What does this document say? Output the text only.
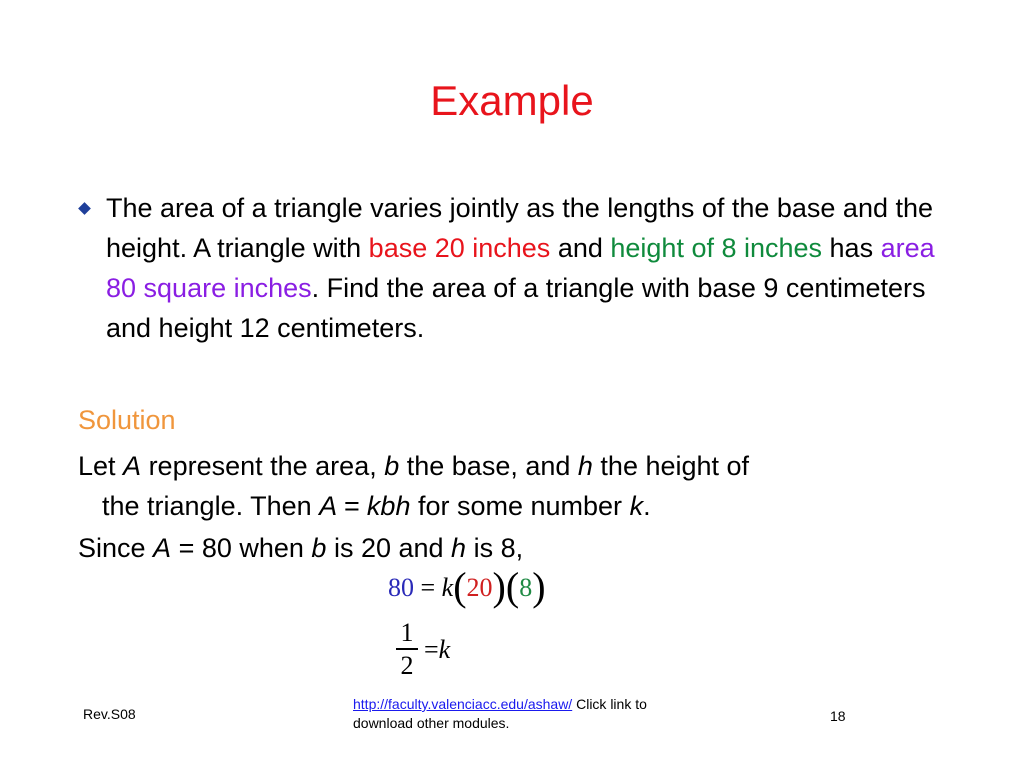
Example
The area of a triangle varies jointly as the lengths of the base and the height. A triangle with base 20 inches and height of 8 inches has area 80 square inches. Find the area of a triangle with base 9 centimeters and height 12 centimeters.
Solution
Let A represent the area, b the base, and h the height of
the triangle. Then A = kbh for some number k.
Since A = 80 when b is 20 and h is 8,
80 = k(20)(8)
$\frac{1}{2} = k$
Rev.S08
http://faculty.valenciacc.edu/ashaw/ Click link to download other modules.	18
